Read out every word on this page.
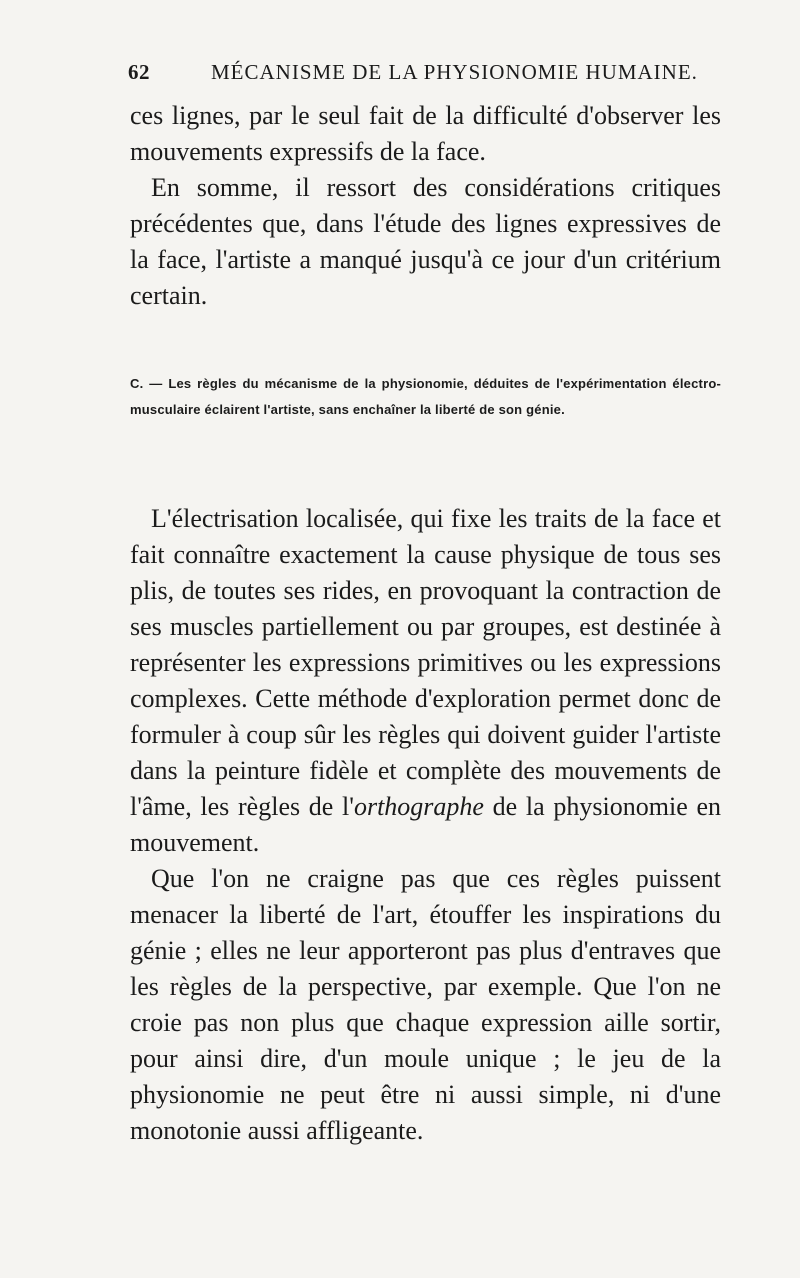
62	MÉCANISME DE LA PHYSIONOMIE HUMAINE.

ces lignes, par le seul fait de la difficulté d'observer les mouvements expressifs de la face.

En somme, il ressort des considérations critiques précédentes que, dans l'étude des lignes expressives de la face, l'artiste a manqué jusqu'à ce jour d'un critérium certain.

C. — Les règles du mécanisme de la physionomie, déduites de l'expérimentation électro-musculaire éclairent l'artiste, sans enchaîner la liberté de son génie.

L'électrisation localisée, qui fixe les traits de la face et fait connaître exactement la cause physique de tous ses plis, de toutes ses rides, en provoquant la contraction de ses muscles partiellement ou par groupes, est destinée à représenter les expressions primitives ou les expressions complexes. Cette méthode d'exploration permet donc de formuler à coup sûr les règles qui doivent guider l'artiste dans la peinture fidèle et complète des mouvements de l'âme, les règles de l'orthographe de la physionomie en mouvement.

Que l'on ne craigne pas que ces règles puissent menacer la liberté de l'art, étouffer les inspirations du génie ; elles ne leur apporteront pas plus d'entraves que les règles de la perspective, par exemple. Que l'on ne croie pas non plus que chaque expression aille sortir, pour ainsi dire, d'un moule unique ; le jeu de la physionomie ne peut être ni aussi simple, ni d'une monotonie aussi affligeante.
